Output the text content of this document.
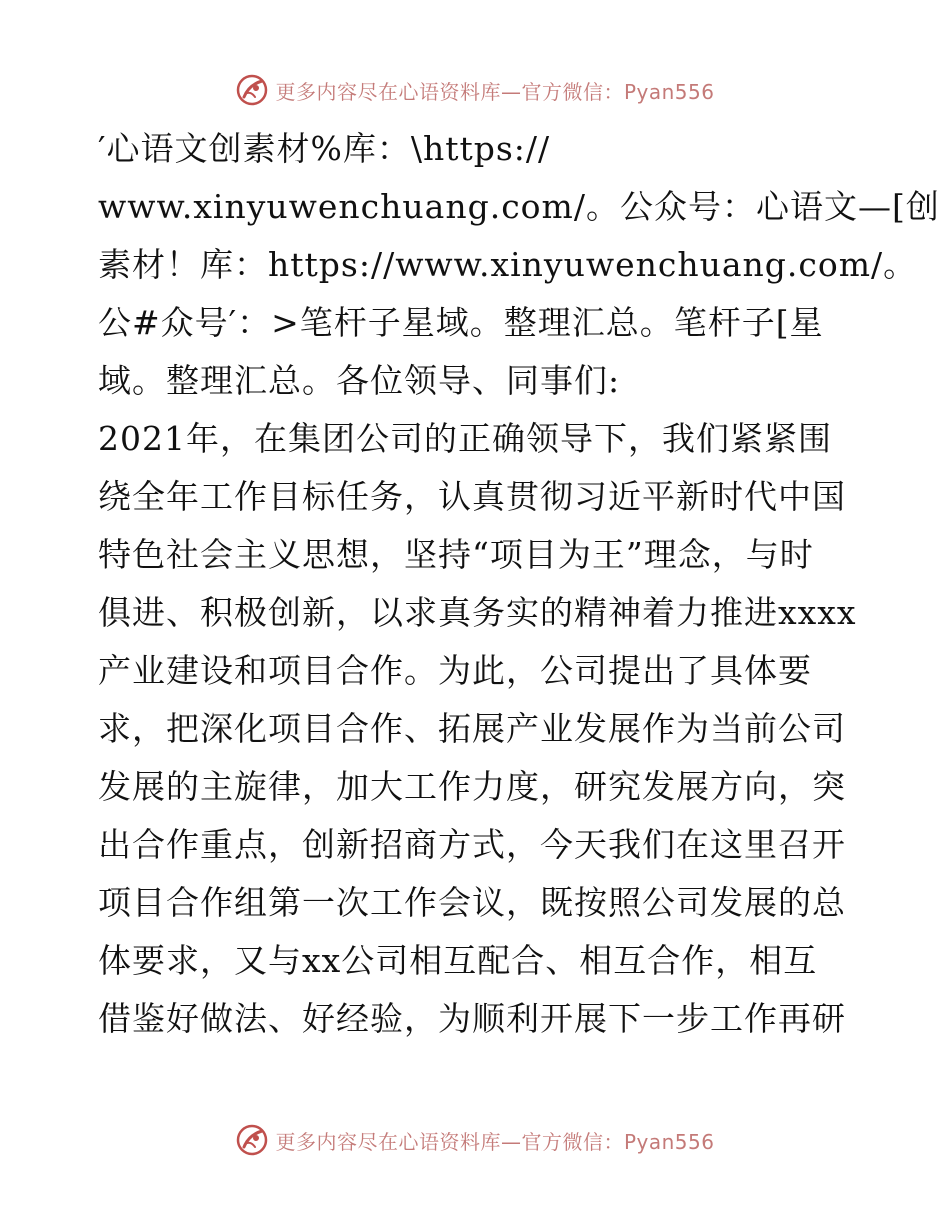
更多内容尽在心语资料库—官方微信：Pyan556
′心语文创素材%库：\https://
www.xinyuwenchuang.com/。公众号：心语文—[创
素材！库：https://www.xinyuwenchuang.com/。
公#众号′：>笔杆子星域。整理汇总。笔杆子[星
域。整理汇总。各位领导、同事们:
2021年，在集团公司的正确领导下，我们紧紧围
绕全年工作目标任务，认真贯彻习近平新时代中国
特色社会主义思想，坚持“项目为王”理念，与时
俱进、积极创新，以求真务实的精神着力推进xxxx
产业建设和项目合作。为此，公司提出了具体要
求，把深化项目合作、拓展产业发展作为当前公司
发展的主旋律，加大工作力度，研究发展方向，突
出合作重点，创新招商方式，今天我们在这里召开
项目合作组第一次工作会议，既按照公司发展的总
体要求，又与xx公司相互配合、相互合作，相互
借鉴好做法、好经验，为顺利开展下一步工作再研
更多内容尽在心语资料库—官方微信：Pyan556
